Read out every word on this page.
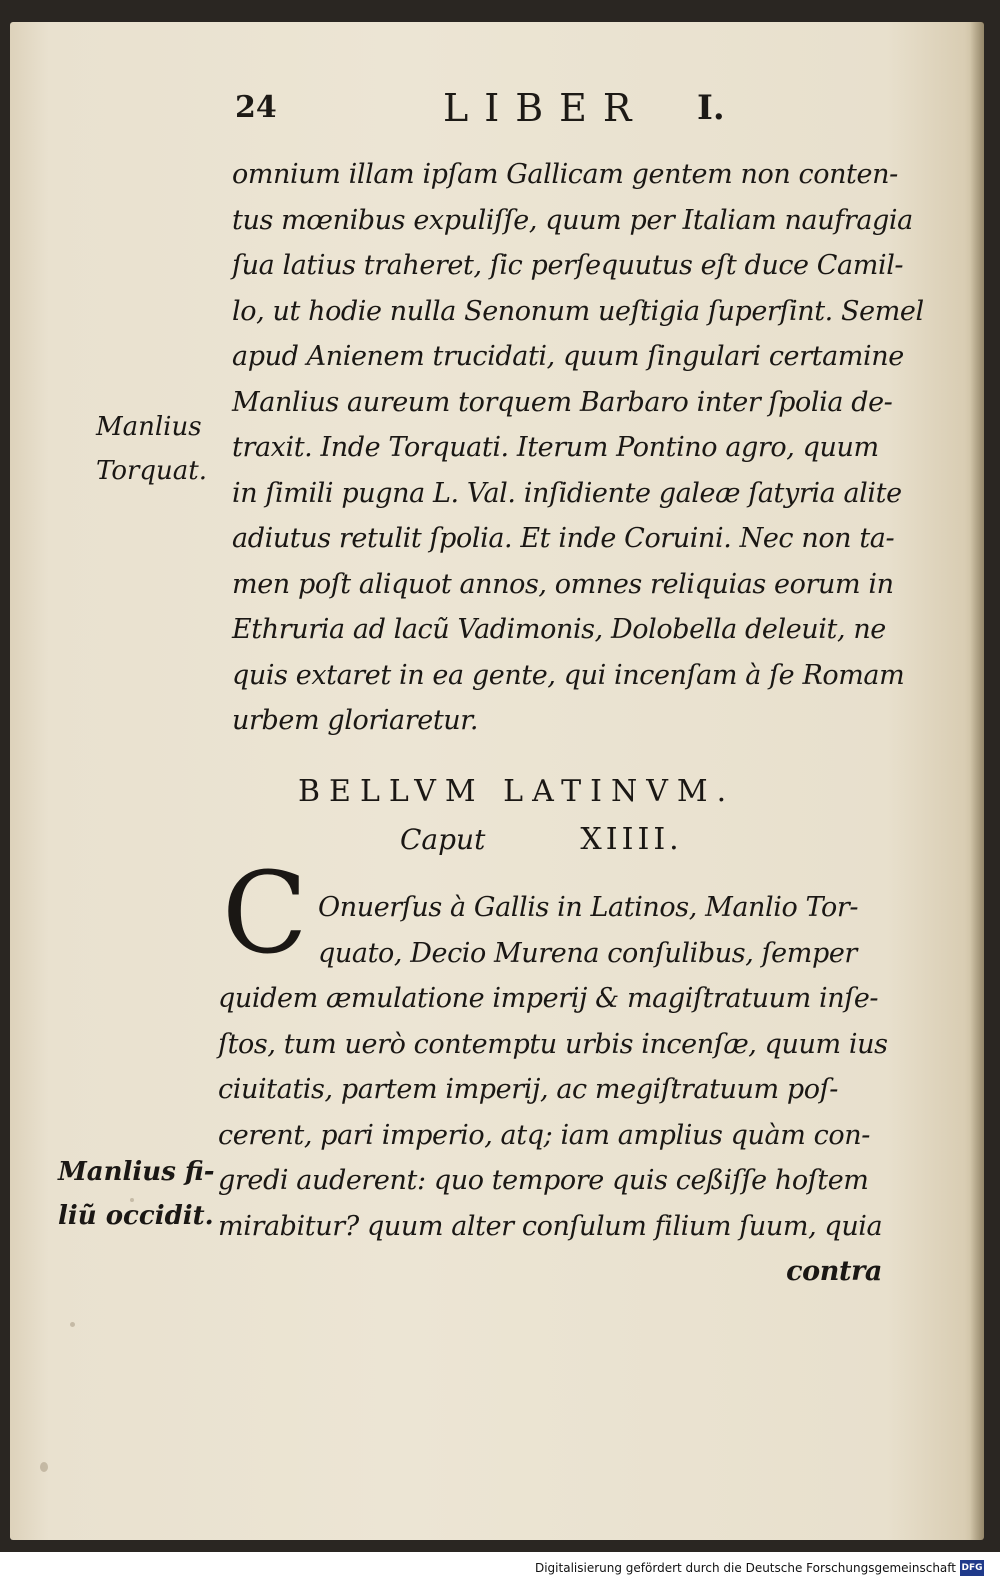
24	LIBER I.
omnium illam ipſam Gallicam gentem non conten-
tus mœnibus expuliſſe, quum per Italiam naufragia
ſua latius traheret, ſic perſequutus eſt duce Camil-
lo, ut hodie nulla Senonum ueſtigia ſuperſint. Semel
apud Anienem trucidati, quum ſingulari certamine
Manlius aureum torquem Barbaro inter ſpolia de-
traxit. Inde Torquati. Iterum Pontino agro, quum
in ſimili pugna L. Val. inſidiente galeæ ſatyria alite
adiutus retulit ſpolia. Et inde Coruini. Nec non ta-
men poſt aliquot annos, omnes reliquias eorum in
Ethruria ad lacũ Vadimonis, Dolobella deleuit, ne
quis extaret in ea gente, qui incenſam à ſe Romam
urbem gloriaretur.
Manlius
Torquat.
BELLVM LATINVM.
Caput	XIIII.
C Onuerſus à Gallis in Latinos, Manlio Tor-
quato, Decio Murena conſulibus, ſemper
quidem æmulatione imperij & magiſtratuum inſe-
ſtos, tum uerò contemptu urbis incenſæ, quum ius
ciuitatis, partem imperij, ac megiſtratuum poſ-
cerent, pari imperio, atq; iam amplius quàm con-
gredi auderent: quo tempore quis ceßiſſe hoſtem
mirabitur? quum alter conſulum filium ſuum, quia
contra
Manlius fi-
liũ occidit.
Digitalisierung gefördert durch die Deutsche Forschungsgemeinschaft DFG
